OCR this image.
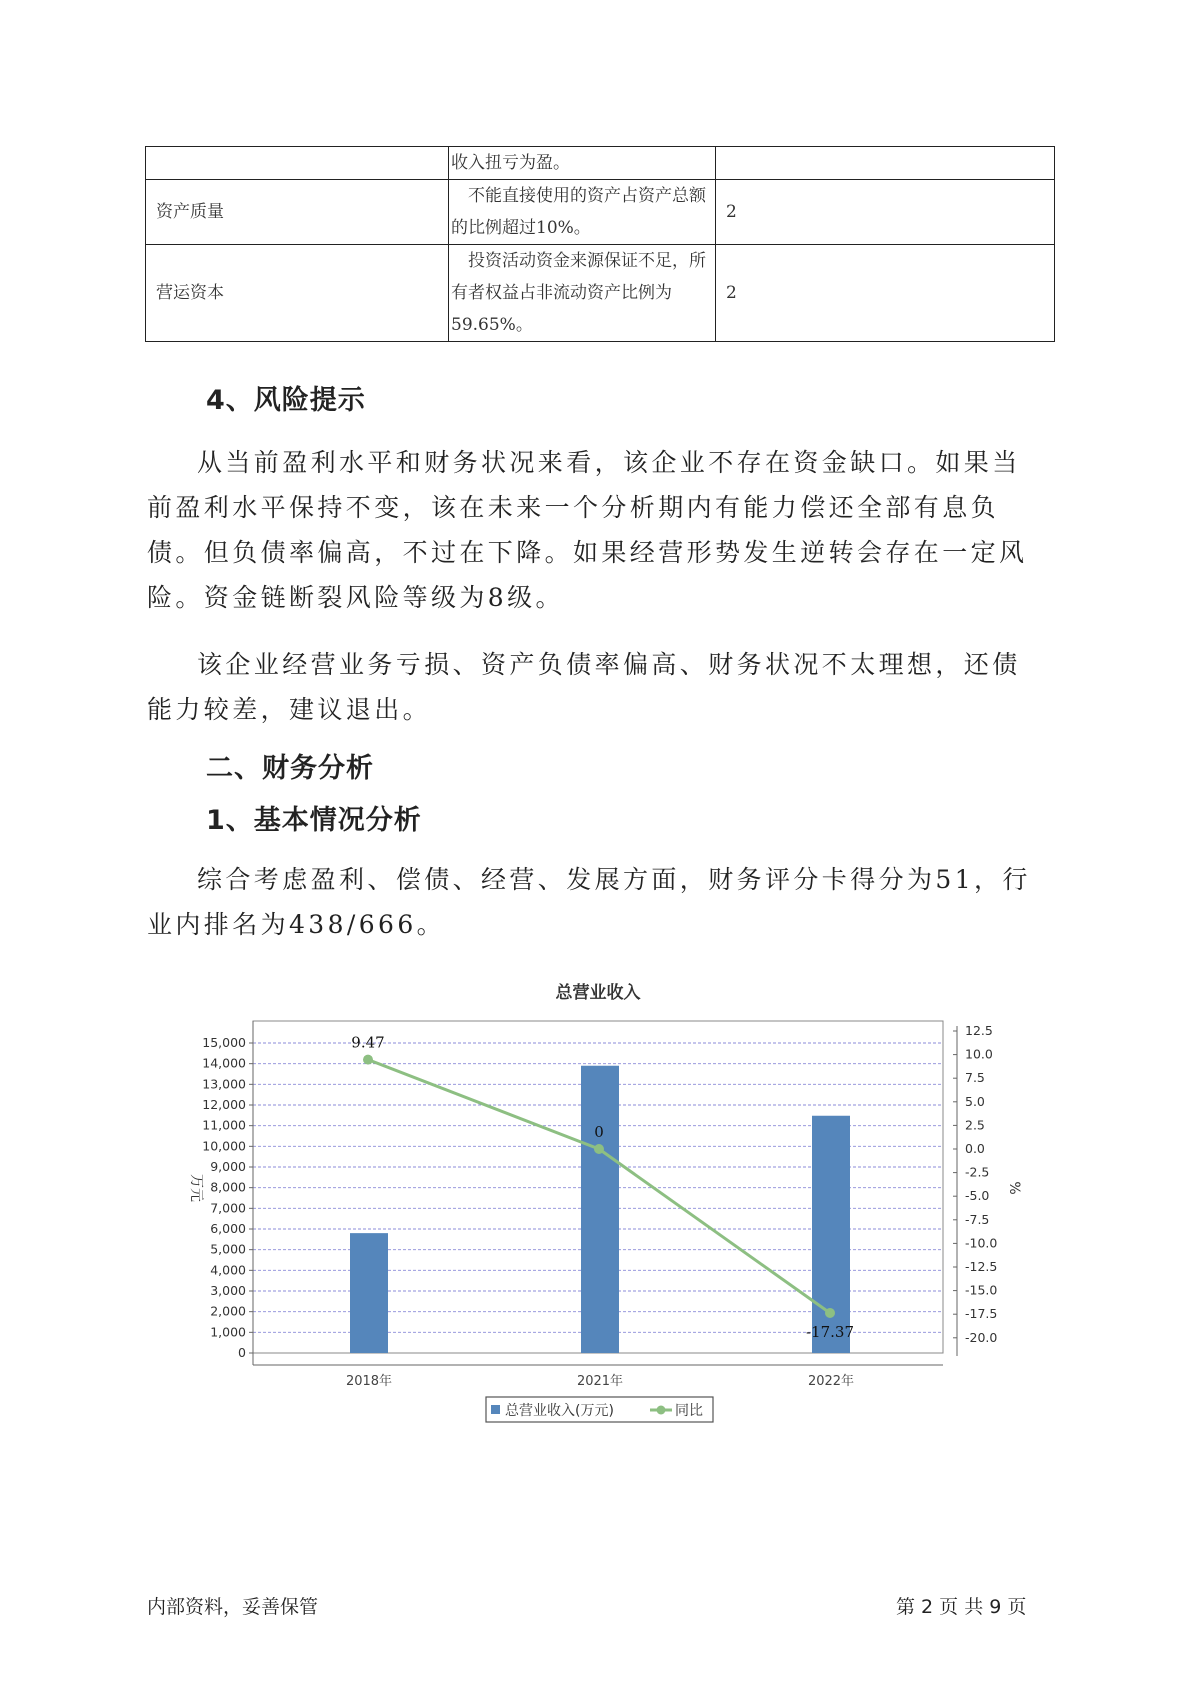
	收入扭亏为盈。	

资产质量	不能直接使用的资产占资产总额
的比例超过10%。	2
营运资本	投资活动资金来源保证不足，所
有者权益占非流动资产比例为59.65%。	2
4、风险提示
从当前盈利水平和财务状况来看，该企业不存在资金缺口。如果当前盈利水平保持不变，该在未来一个分析期内有能力偿还全部有息负债。但负债率偏高，不过在下降。如果经营形势发生逆转会存在一定风险。资金链断裂风险等级为8级。
该企业经营业务亏损、资产负债率偏高、财务状况不太理想，还债能力较差，建议退出。
二、财务分析
1、基本情况分析
综合考虑盈利、偿债、经营、发展方面，财务评分卡得分为51，行业内排名为438/666。
总营业收入
9.47
0
-17.37
0
1,000
2,000
3,000
4,000
5,000
6,000
7,000
8,000
9,000
10,000
11,000
12,000
13,000
14,000
15,000
12.5
10.0
7.5
5.0
2.5
0.0
-2.5
-5.0
-7.5
-10.0
-12.5
-15.0
-17.5
-20.0
2018年	2021年	2022年
万元	%
总营业收入(万元)	同比
内部资料，妥善保管	第 2 页 共 9 页
